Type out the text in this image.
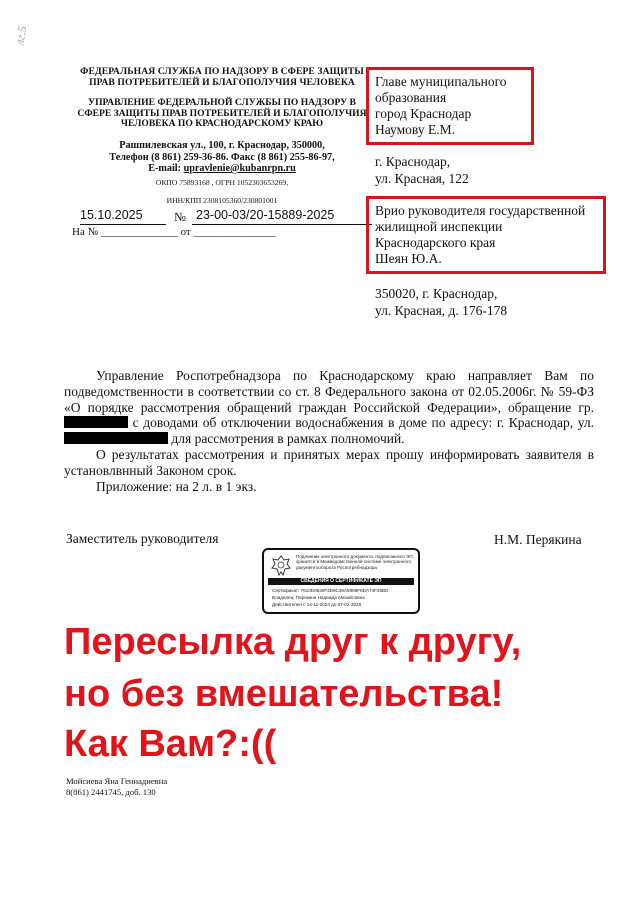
лг.5
ФЕДЕРАЛЬНАЯ СЛУЖБА ПО НАДЗОРУ В СФЕРЕ ЗАЩИТЫ ПРАВ ПОТРЕБИТЕЛЕЙ И БЛАГОПОЛУЧИЯ ЧЕЛОВЕКА
УПРАВЛЕНИЕ ФЕДЕРАЛЬНОЙ СЛУЖБЫ ПО НАДЗОРУ В СФЕРЕ ЗАЩИТЫ ПРАВ ПОТРЕБИТЕЛЕЙ И БЛАГОПОЛУЧИЯ ЧЕЛОВЕКА ПО КРАСНОДАРСКОМУ КРАЮ
Рашпилевская ул., 100, г. Краснодар, 350000,
Телефон (8 861) 259-36-86. Факс (8 861) 255-86-97,
E-mail: upravlenie@kubanrpn.ru
ОКПО 75893168 , ОГРН 1052303653269,
ИНН/КПП 2308105360/230801001
15.10.2025	№ 23-00-03/20-15889-2025
На № ______________ от _______________
Главе муниципального
образования
город Краснодар
Наумову Е.М.
г. Краснодар,
ул. Красная, 122
Врио руководителя государственной
жилищной инспекции
Краснодарского края
Шеян Ю.А.
350020, г. Краснодар,
ул. Красная, д. 176-178

Управление Роспотребнадзора по Краснодарскому краю направляет Вам по подведомственности в соответствии со ст. 8 Федерального закона от 02.05.2006г. № 59-ФЗ «О порядке рассмотрения обращений граждан Российской Федерации», обращение гр.  с доводами об отключении водоснабжения в доме по адресу: г. Краснодар, ул.  для рассмотрения в рамках полномочий.

О результатах рассмотрения и принятых мерах прошу информировать заявителя в установлвнный Законом срок.

Приложение: на 2 л. в 1 экз.

Заместитель руководителя	Н.М. Перякина
Подлинник электронного документа, подписанного ЭП, хранится в Межведомственной системе электронного документооборота Роспотребнадзора
СВЕДЕНИЯ О СЕРТИФИКАТЕ ЭП
Сертификат: 7610D0630F3D9C39A5998F8DA74F25BD
Владелец: Перякина Надежда Михайловна
Действителен с 14-11-2024 до 07-02-2026
Пересылка друг к другу,
но без вмешательства!
Как Вам?:((
Мойсиева Яна Геннадиевна
8(861) 2441745, доб. 130
